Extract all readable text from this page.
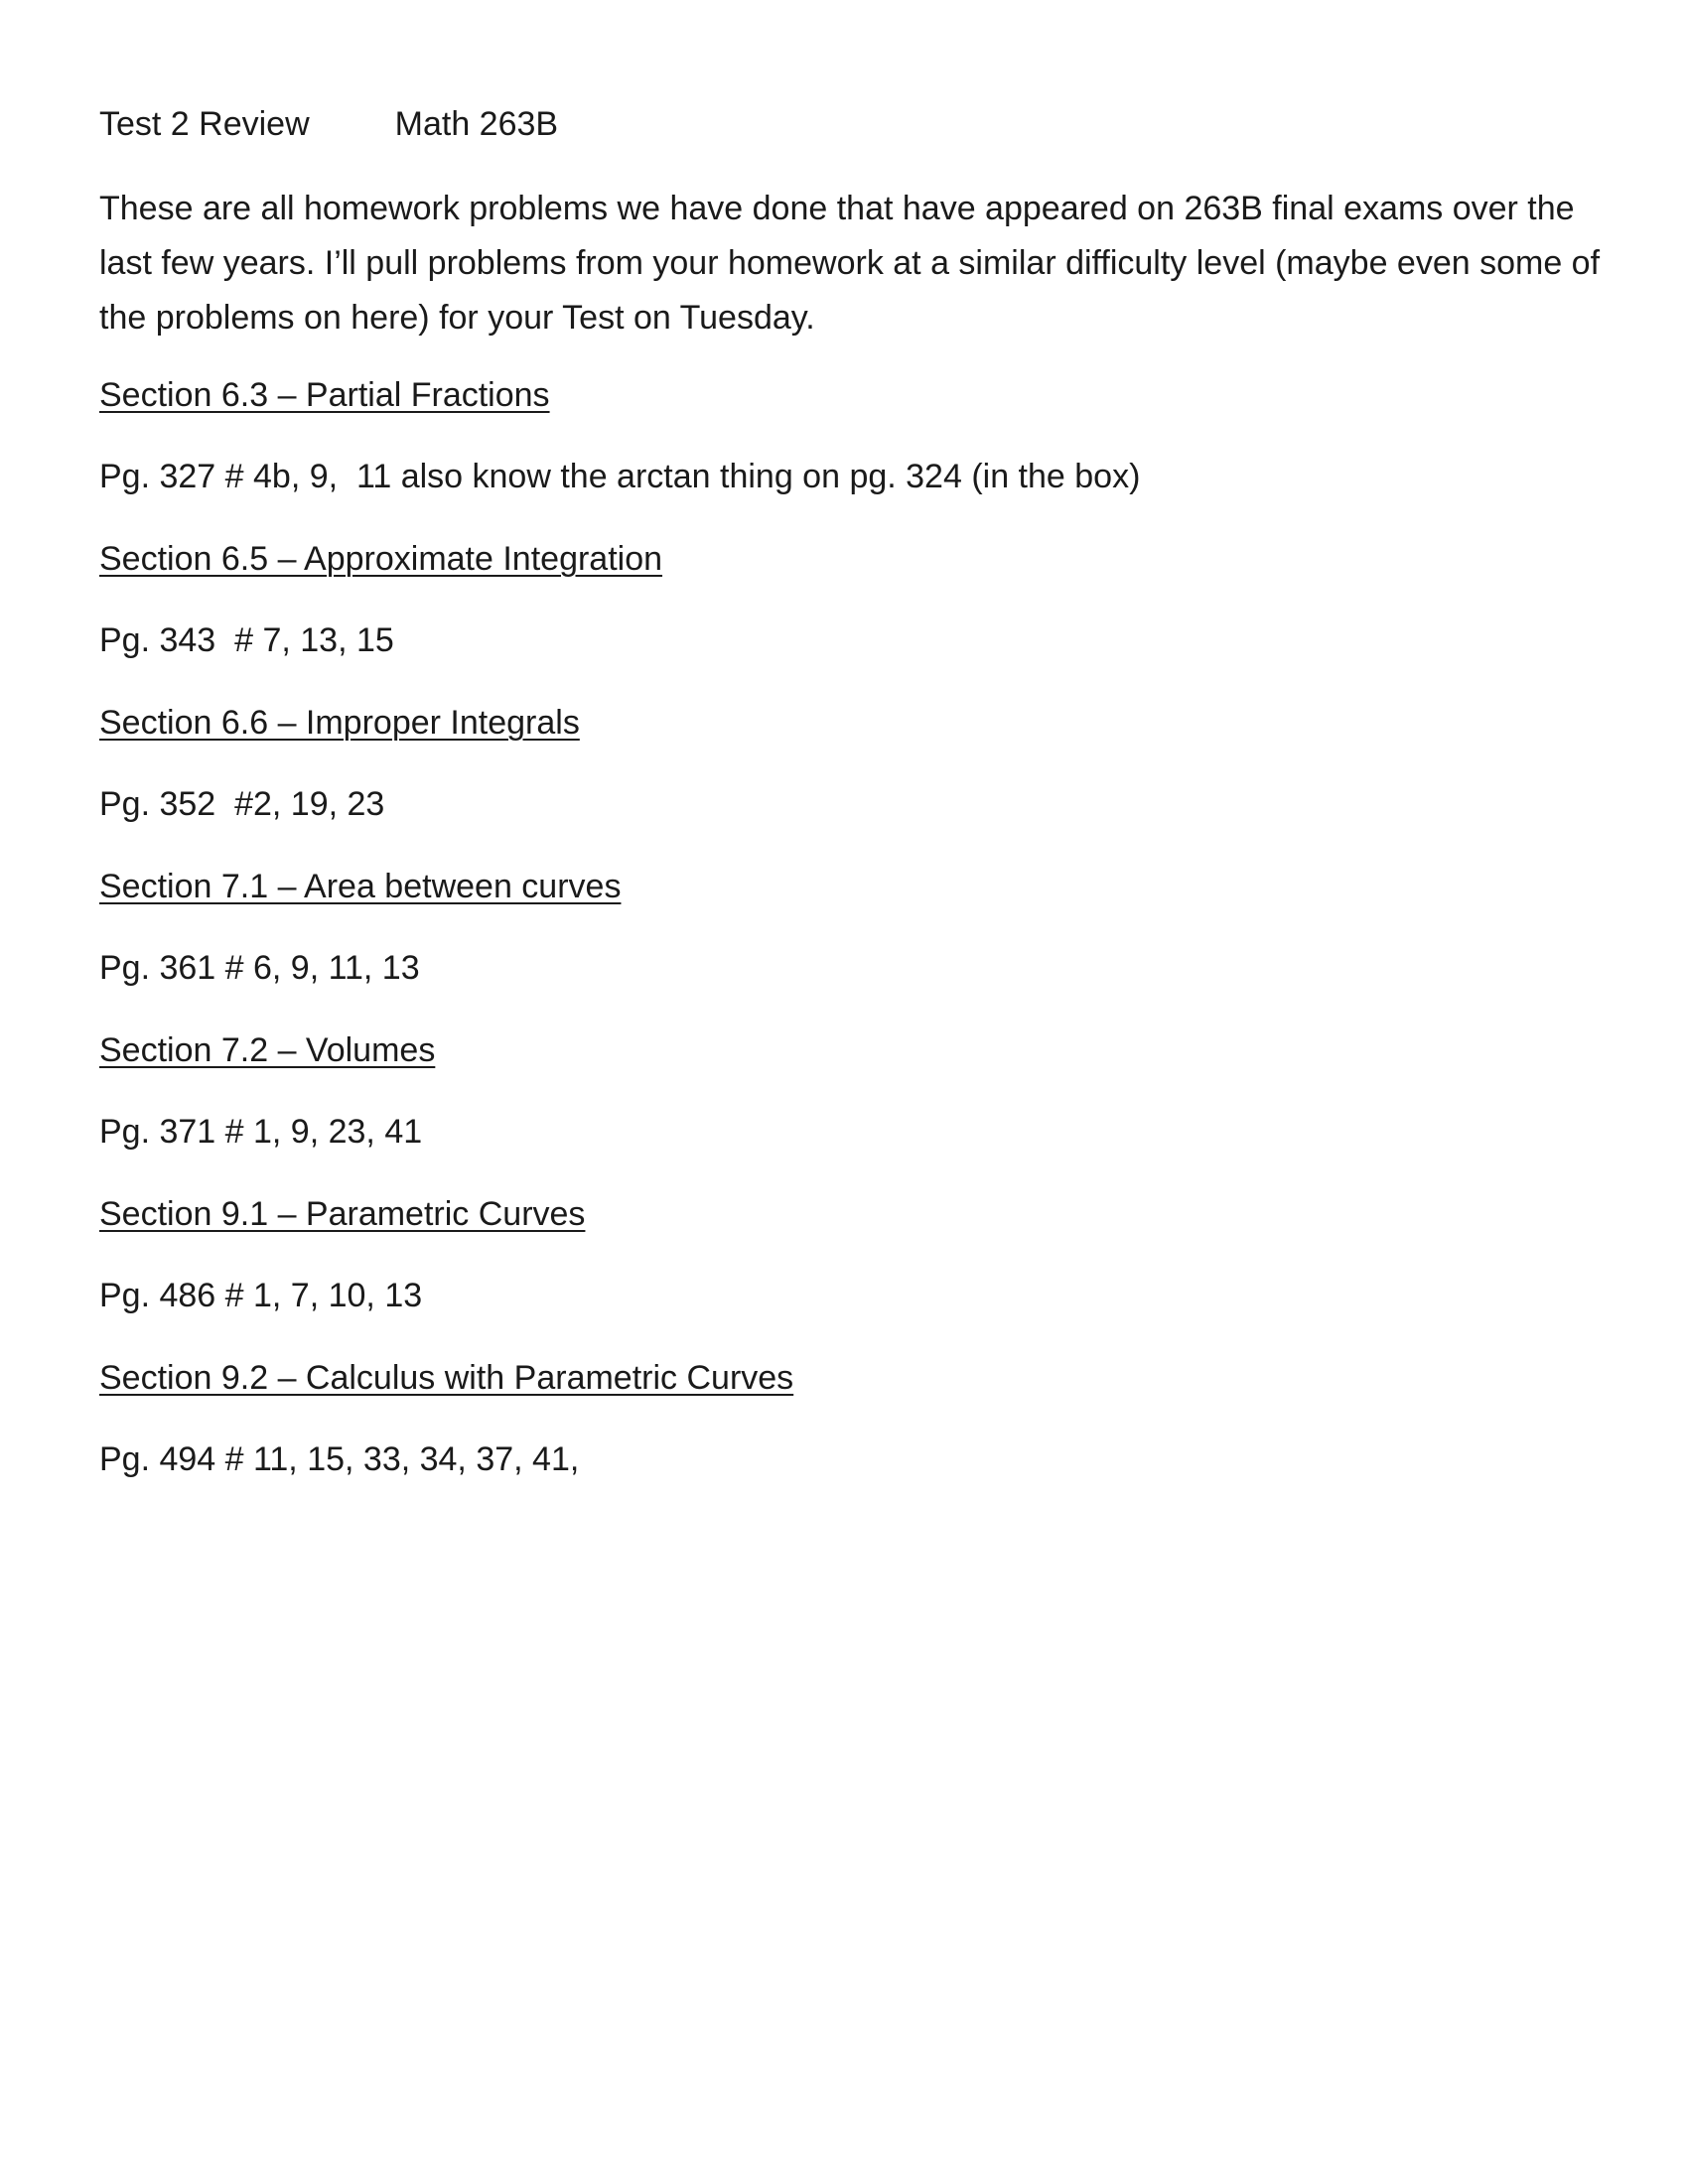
Test 2 Review	Math 263B
These are all homework problems we have done that have appeared on 263B final exams over the last few years. I’ll pull problems from your homework at a similar difficulty level (maybe even some of the problems on here) for your Test on Tuesday.
Section 6.3 – Partial Fractions
Pg. 327 # 4b, 9,  11 also know the arctan thing on pg. 324 (in the box)
Section 6.5 – Approximate Integration
Pg. 343  # 7, 13, 15
Section 6.6 – Improper Integrals
Pg. 352  #2, 19, 23
Section 7.1 – Area between curves
Pg. 361 # 6, 9, 11, 13
Section 7.2 – Volumes
Pg. 371 # 1, 9, 23, 41
Section 9.1 – Parametric Curves
Pg. 486 # 1, 7, 10, 13
Section 9.2 – Calculus with Parametric Curves
Pg. 494 # 11, 15, 33, 34, 37, 41,
